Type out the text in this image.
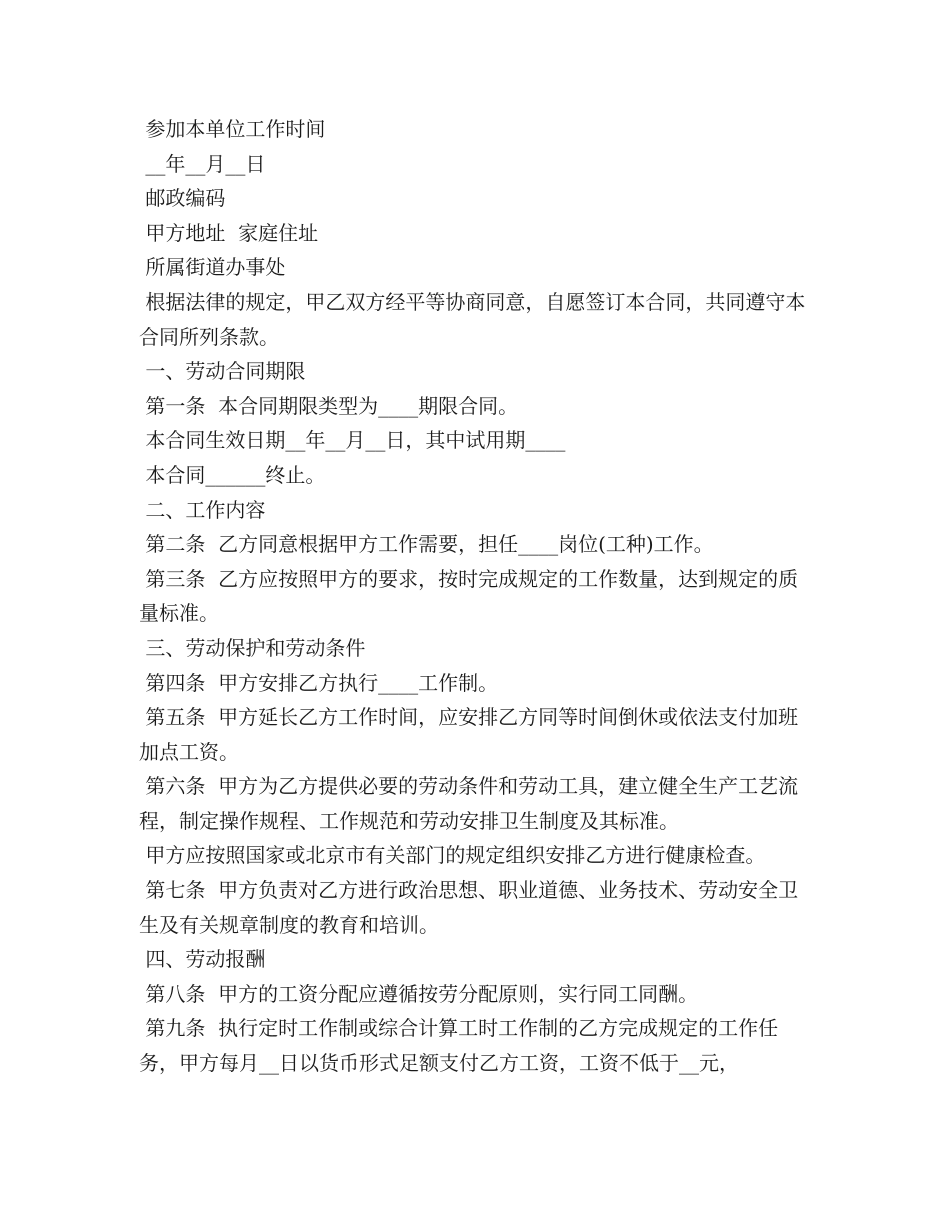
参加本单位工作时间

__年__月__日

邮政编码

甲方地址  家庭住址

所属街道办事处

根据法律的规定，甲乙双方经平等协商同意，自愿签订本合同，共同遵守本合同所列条款。

一、劳动合同期限

第一条  本合同期限类型为____期限合同。

本合同生效日期__年__月__日，其中试用期____

本合同______终止。

二、工作内容

第二条  乙方同意根据甲方工作需要，担任____岗位(工种)工作。

第三条  乙方应按照甲方的要求，按时完成规定的工作数量，达到规定的质量标准。

三、劳动保护和劳动条件

第四条  甲方安排乙方执行____工作制。

第五条  甲方延长乙方工作时间，应安排乙方同等时间倒休或依法支付加班加点工资。

第六条  甲方为乙方提供必要的劳动条件和劳动工具，建立健全生产工艺流程，制定操作规程、工作规范和劳动安排卫生制度及其标准。

甲方应按照国家或北京市有关部门的规定组织安排乙方进行健康检查。

第七条  甲方负责对乙方进行政治思想、职业道德、业务技术、劳动安全卫生及有关规章制度的教育和培训。

四、劳动报酬

第八条  甲方的工资分配应遵循按劳分配原则，实行同工同酬。

第九条  执行定时工作制或综合计算工时工作制的乙方完成规定的工作任务，甲方每月__日以货币形式足额支付乙方工资，工资不低于__元，
